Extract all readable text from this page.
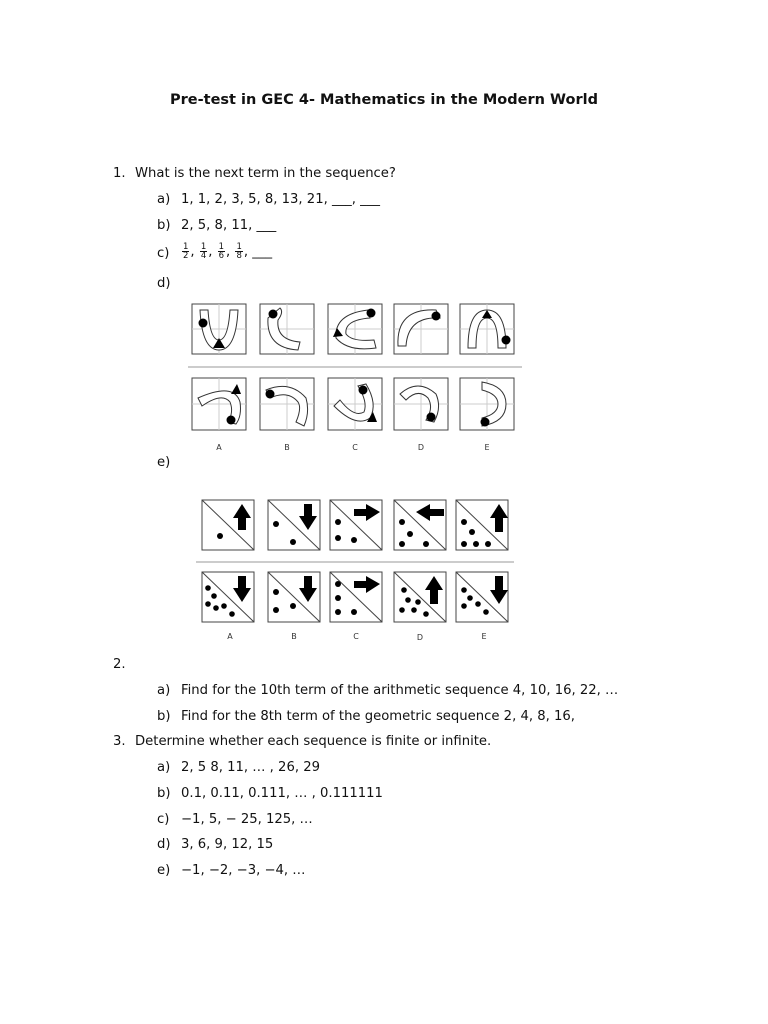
Pre-test in GEC 4- Mathematics in the Modern World
1. What is the next term in the sequence?
a) 1, 1, 2, 3, 5, 8, 13, 21, ___, ___
b) 2, 5, 8, 11, ___
$c) \frac{1}{2}$ , $\frac{1}{4}$ , $\frac{1}{6}$ , $\frac{1}{8}$ , ___
d)
A	B	C	D	E
e)
A	B	C	D	E
2.
a) Find for the 10th term of the arithmetic sequence 4, 10, 16, 22, …
b) Find for the 8th term of the geometric sequence 2, 4, 8, 16,
3. Determine whether each sequence is finite or infinite.
a) 2, 5 8, 11, … , 26, 29
b) 0.1, 0.11, 0.111, … , 0.111111
c) −1, 5, − 25, 125, …
d) 3, 6, 9, 12, 15
e) −1, −2, −3, −4, …
